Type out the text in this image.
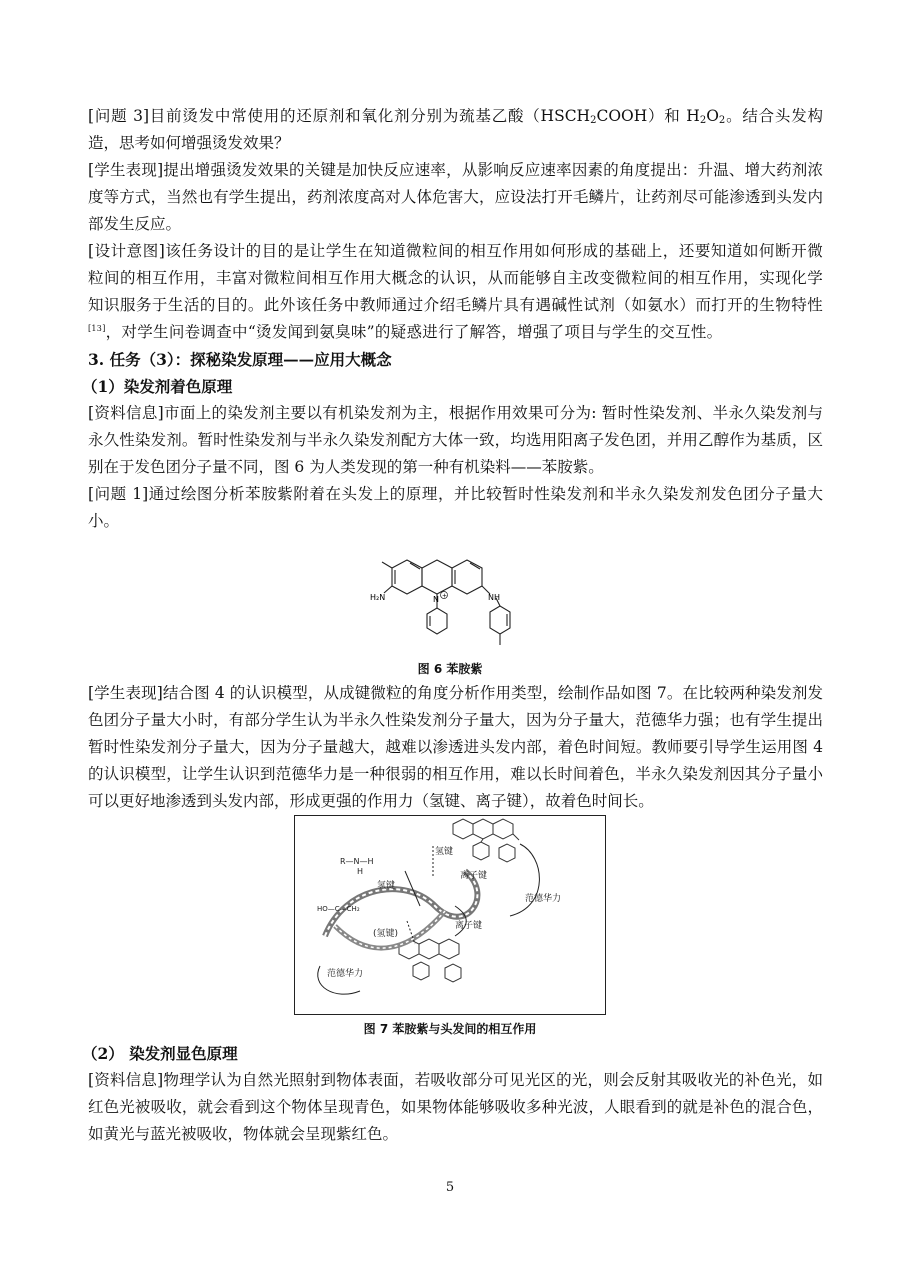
[问题 3]目前烫发中常使用的还原剂和氧化剂分别为巯基乙酸$(HSCH_2COOH)$和 $H_2O_2$。结合头发构造，思考如何增强烫发效果？

[学生表现]提出增强烫发效果的关键是加快反应速率，从影响反应速率因素的角度提出：升温、增大药剂浓度等方式，当然也有学生提出，药剂浓度高对人体危害大，应设法打开毛鳞片，让药剂尽可能渗透到头发内部发生反应。

[设计意图]该任务设计的目的是让学生在知道微粒间的相互作用如何形成的基础上，还要知道如何断开微粒间的相互作用，丰富对微粒间相互作用大概念的认识，从而能够自主改变微粒间的相互作用，实现化学知识服务于生活的目的。此外该任务中教师通过介绍毛鳞片具有遇碱性试剂（如氨水）而打开的生物特性[13]，对学生问卷调查中“烫发闻到氨臭味”的疑惑进行了解答，增强了项目与学生的交互性。

3. 任务（3）：探秘染发原理——应用大概念

（1）染发剂着色原理

[资料信息]市面上的染发剂主要以有机染发剂为主，根据作用效果可分为: 暂时性染发剂、半永久染发剂与永久性染发剂。暂时性染发剂与半永久染发剂配方大体一致，均选用阳离子发色团，并用乙醇作为基质，区别在于发色团分子量不同，图 6 为人类发现的第一种有机染料——苯胺紫。

[问题 1]通过绘图分析苯胺紫附着在头发上的原理，并比较暂时性染发剂和半永久染发剂发色团分子量大小。

H₂N	NH
N +
图 6 苯胺紫

[学生表现]结合图 4 的认识模型，从成键微粒的角度分析作用类型，绘制作品如图 7。在比较两种染发剂发色团分子量大小时，有部分学生认为半永久性染发剂分子量大，因为分子量大，范德华力强；也有学生提出暂时性染发剂分子量大，因为分子量越大，越难以渗透进头发内部，着色时间短。教师要引导学生运用图 4 的认识模型，让学生认识到范德华力是一种很弱的相互作用，难以长时间着色，半永久染发剂因其分子量小可以更好地渗透到头发内部，形成更强的作用力（氢键、离子键），故着色时间长。

氢键
氢键
(氢键)
离子键
离子键
范德华力
范德华力
R—N—H
H
HO—C—CH₂
图 7 苯胺紫与头发间的相互作用

（2） 染发剂显色原理

[资料信息]物理学认为自然光照射到物体表面，若吸收部分可见光区的光，则会反射其吸收光的补色光，如红色光被吸收，就会看到这个物体呈现青色，如果物体能够吸收多种光波，人眼看到的就是补色的混合色，如黄光与蓝光被吸收，物体就会呈现紫红色。

5
